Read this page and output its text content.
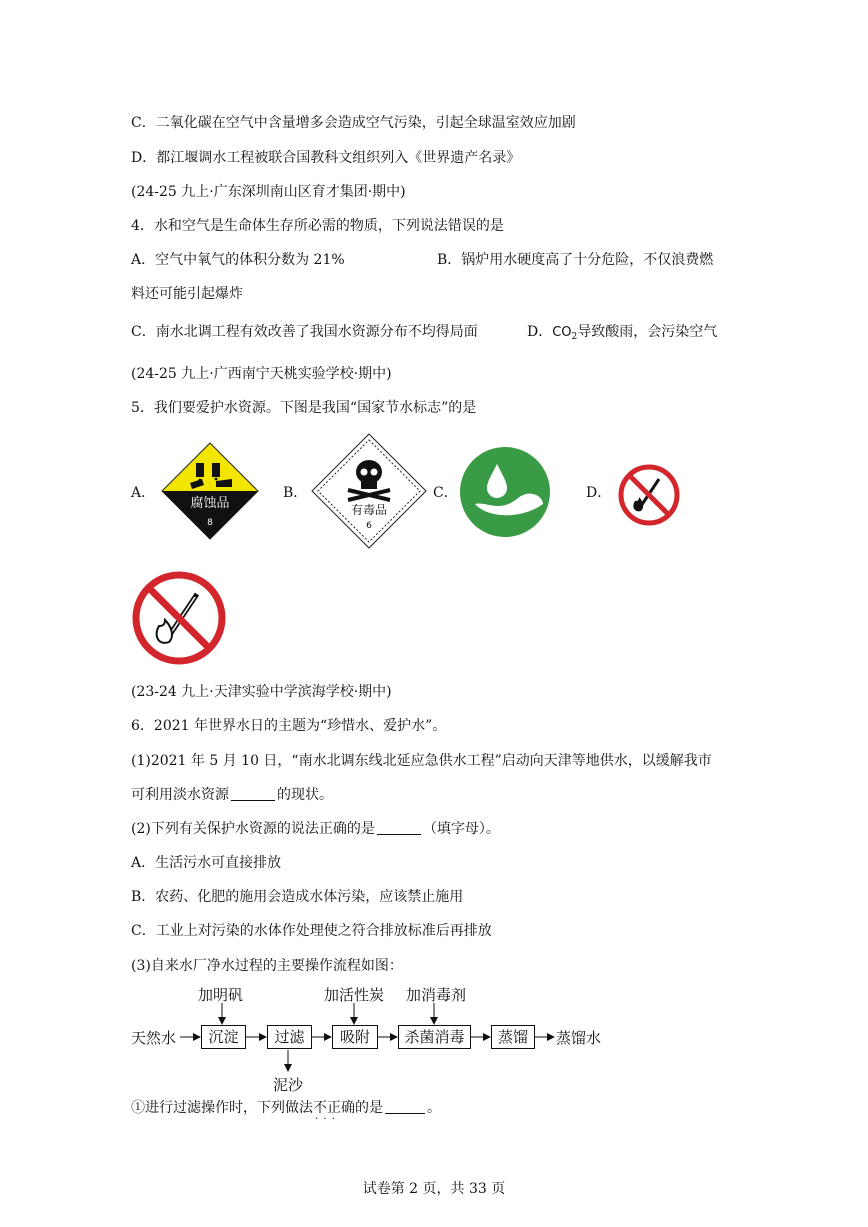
C．二氧化碳在空气中含量增多会造成空气污染，引起全球温室效应加剧
D．都江堰调水工程被联合国教科文组织列入《世界遗产名录》
(24-25 九上·广东深圳南山区育才集团·期中)
4．水和空气是生命体生存所必需的物质，下列说法错误的是
A．空气中氧气的体积分数为 21%	B．锅炉用水硬度高了十分危险，不仅浪费燃
料还可能引起爆炸
C．南水北调工程有效改善了我国水资源分布不均得局面	D．$CO_2$导致酸雨，会污染空气
(24-25 九上·广西南宁天桃实验学校·期中)
5．我们要爱护水资源。下图是我国“国家节水标志”的是
A．
腐蚀品
8
B．
有毒品
6
C．	D．
(23-24 九上·天津实验中学滨海学校·期中)
6．2021 年世界水日的主题为“珍惜水、爱护水”。
(1)2021 年 5 月 10 日，“南水北调东线北延应急供水工程”启动向天津等地供水，以缓解我市
可利用淡水资源	的现状。
(2)下列有关保护水资源的说法正确的是	（填字母）。
A．生活污水可直接排放
B．农药、化肥的施用会造成水体污染，应该禁止施用
C．工业上对污染的水体作处理使之符合排放标准后再排放
(3)自来水厂净水过程的主要操作流程如图：
天然水	沉淀	过滤	吸附	杀菌消毒	蒸馏	蒸馏水
加明矾	加活性炭 加消毒剂
泥沙
①进行过滤操作时，下列做法不正确 · · ·的是	。
试卷第 2 页，共 33 页
